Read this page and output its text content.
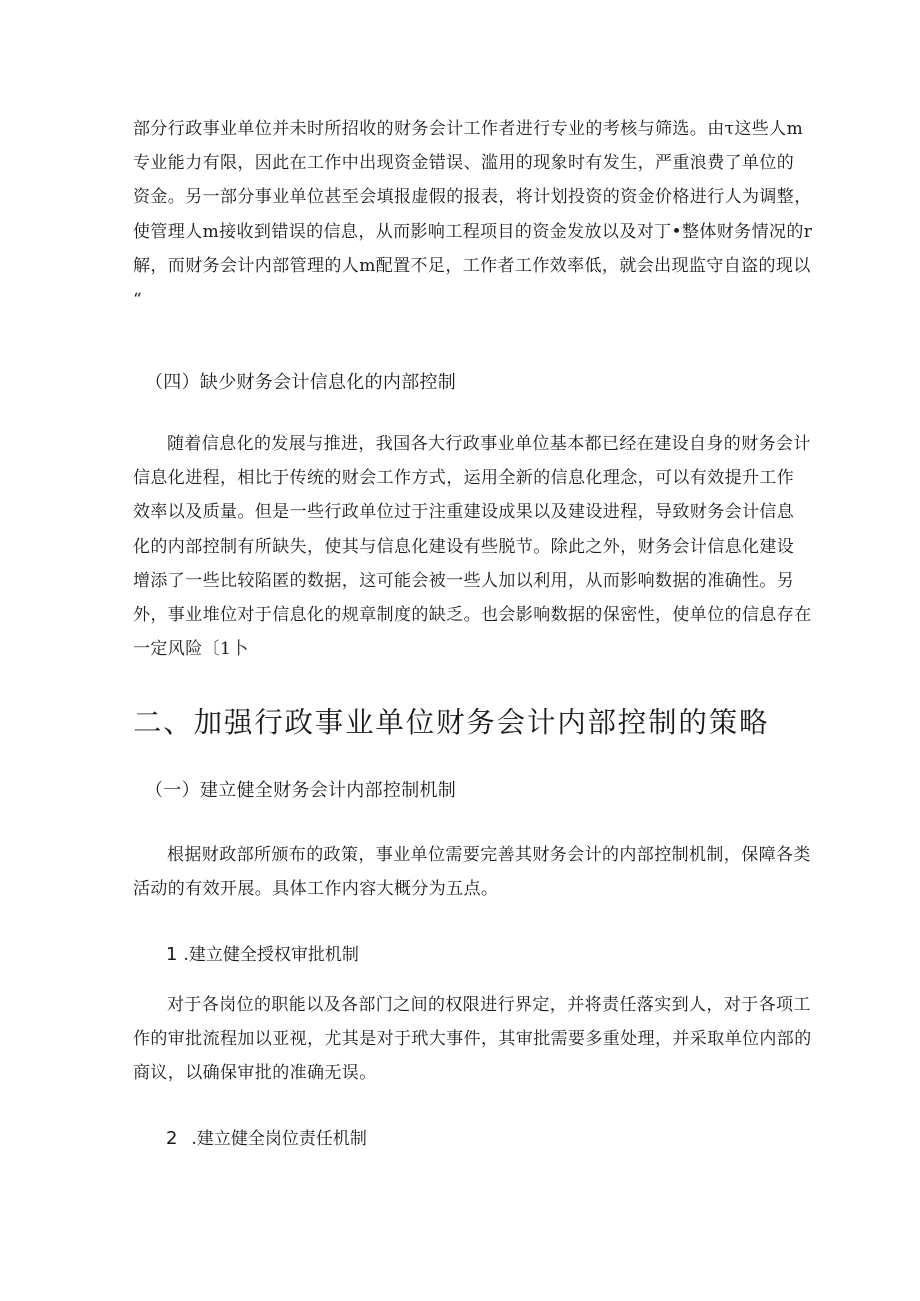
部分行政事业单位并未时所招收的财务会计工作者进行专业的考核与筛选。由τ这些人m
专业能力有限，因此在工作中出现资金错误、滥用的现象时有发生，严重浪费了单位的
资金。另一部分事业单位甚至会填报虚假的报表，将计划投资的资金价格进行人为调整，
使管理人m接收到错误的信息，从而影响工程项目的资金发放以及对丁•整体财务情况的r
解，而财务会计内部管理的人m配置不足，工作者工作效率低，就会出现监守自盗的现以
“

（四）缺少财务会计信息化的内部控制

随着信息化的发展与推进，我国各大行政事业单位基本都已经在建设自身的财务会计
信息化进程，相比于传统的财会工作方式，运用全新的信息化理念，可以有效提升工作
效率以及质量。但是一些行政单位过于注重建设成果以及建设进程，导致财务会计信息
化的内部控制有所缺失，使其与信息化建设有些脱节。除此之外，财务会计信息化建设
增添了一些比较陷匿的数据，这可能会被一些人加以利用，从而影响数据的准确性。另
外，事业堆位对于信息化的规章制度的缺乏。也会影响数据的保密性，使单位的信息存在
一定风险〔1卜

二、加强行政事业单位财务会计内部控制的策略
（一）建立健全财务会计内部控制机制

根据财政部所颁布的政策，事业单位需要完善其财务会计的内部控制机制，保障各类
活动的有效开展。具体工作内容大概分为五点。

1 .建立健全授权审批机制

对于各岗位的职能以及各部门之间的权限进行界定，并将责任落实到人，对于各项工
作的审批流程加以亚视，尤其是对于玳大事件，其审批需要多重处理，并采取单位内部的
商议，以确保审批的准确无误。

2 .建立健全岗位责任机制
